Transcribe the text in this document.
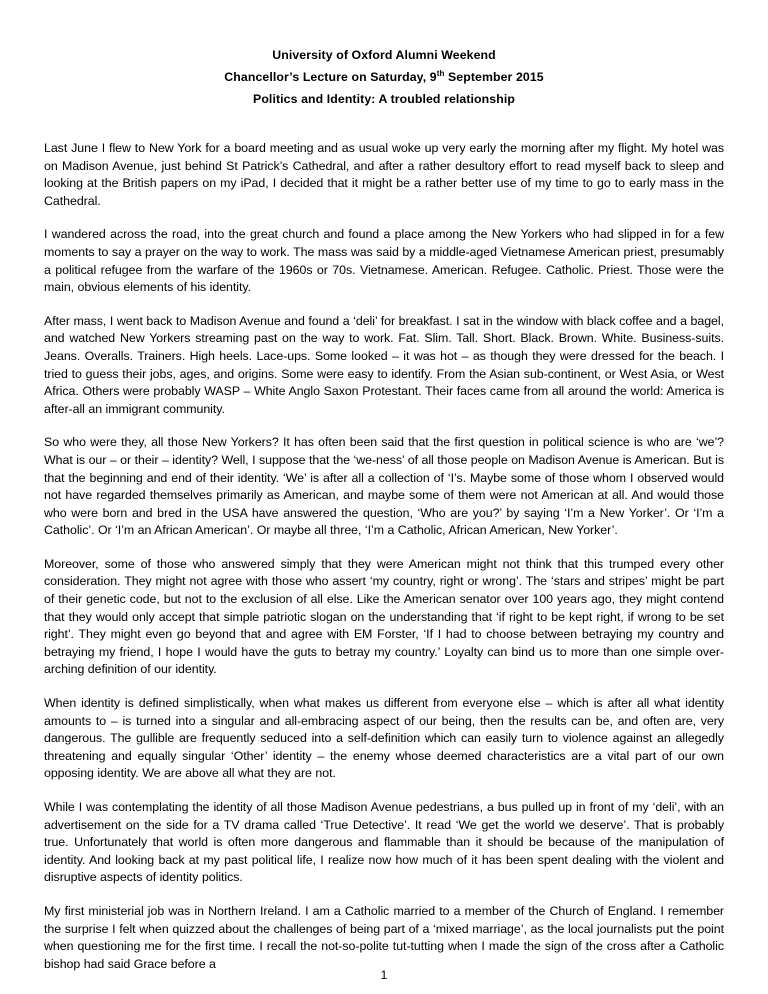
University of Oxford Alumni Weekend
Chancellor’s Lecture on Saturday, 9th September 2015
Politics and Identity: A troubled relationship

Last June I flew to New York for a board meeting and as usual woke up very early the morning after my flight. My hotel was on Madison Avenue, just behind St Patrick’s Cathedral, and after a rather desultory effort to read myself back to sleep and looking at the British papers on my iPad, I decided that it might be a rather better use of my time to go to early mass in the Cathedral.

I wandered across the road, into the great church and found a place among the New Yorkers who had slipped in for a few moments to say a prayer on the way to work. The mass was said by a middle-aged Vietnamese American priest, presumably a political refugee from the warfare of the 1960s or 70s. Vietnamese. American. Refugee. Catholic. Priest. Those were the main, obvious elements of his identity.

After mass, I went back to Madison Avenue and found a ‘deli’ for breakfast. I sat in the window with black coffee and a bagel, and watched New Yorkers streaming past on the way to work. Fat. Slim. Tall. Short. Black. Brown. White. Business-suits. Jeans. Overalls. Trainers. High heels. Lace-ups. Some looked – it was hot – as though they were dressed for the beach. I tried to guess their jobs, ages, and origins. Some were easy to identify. From the Asian sub-continent, or West Asia, or West Africa. Others were probably WASP – White Anglo Saxon Protestant. Their faces came from all around the world: America is after-all an immigrant community.

So who were they, all those New Yorkers? It has often been said that the first question in political science is who are ‘we’? What is our – or their – identity? Well, I suppose that the ‘we-ness’ of all those people on Madison Avenue is American. But is that the beginning and end of their identity. ‘We’ is after all a collection of ‘I’s. Maybe some of those whom I observed would not have regarded themselves primarily as American, and maybe some of them were not American at all. And would those who were born and bred in the USA have answered the question, ‘Who are you?’ by saying ‘I’m a New Yorker’. Or ‘I’m a Catholic’. Or ‘I’m an African American’. Or maybe all three, ‘I’m a Catholic, African American, New Yorker’.

Moreover, some of those who answered simply that they were American might not think that this trumped every other consideration. They might not agree with those who assert ‘my country, right or wrong’. The ‘stars and stripes’ might be part of their genetic code, but not to the exclusion of all else. Like the American senator over 100 years ago, they might contend that they would only accept that simple patriotic slogan on the understanding that ‘if right to be kept right, if wrong to be set right’. They might even go beyond that and agree with EM Forster, ‘If I had to choose between betraying my country and betraying my friend, I hope I would have the guts to betray my country.’ Loyalty can bind us to more than one simple over-arching definition of our identity.

When identity is defined simplistically, when what makes us different from everyone else – which is after all what identity amounts to – is turned into a singular and all-embracing aspect of our being, then the results can be, and often are, very dangerous. The gullible are frequently seduced into a self-definition which can easily turn to violence against an allegedly threatening and equally singular ‘Other’ identity – the enemy whose deemed characteristics are a vital part of our own opposing identity. We are above all what they are not.

While I was contemplating the identity of all those Madison Avenue pedestrians, a bus pulled up in front of my ‘deli’, with an advertisement on the side for a TV drama called ‘True Detective’. It read ‘We get the world we deserve’. That is probably true. Unfortunately that world is often more dangerous and flammable than it should be because of the manipulation of identity. And looking back at my past political life, I realize now how much of it has been spent dealing with the violent and disruptive aspects of identity politics.

My first ministerial job was in Northern Ireland. I am a Catholic married to a member of the Church of England. I remember the surprise I felt when quizzed about the challenges of being part of a ‘mixed marriage’, as the local journalists put the point when questioning me for the first time. I recall the not-so-polite tut-tutting when I made the sign of the cross after a Catholic bishop had said Grace before a

1
